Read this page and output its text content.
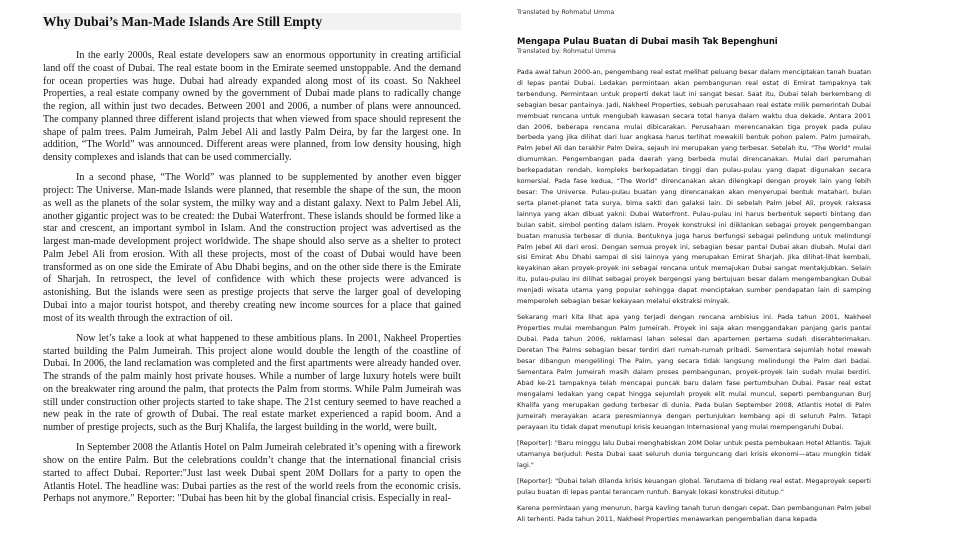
Why Dubai’s Man-Made Islands Are Still Empty

In the early 2000s, Real estate developers saw an enormous opportunity in creating artificial land off the coast of Dubai. The real estate boom in the Emirate seemed unstoppable. And the demand for ocean properties was huge. Dubai had already expanded along most of its coast. So Nakheel Properties, a real estate company owned by the government of Dubai made plans to radically change the region, all within just two decades. Between 2001 and 2006, a number of plans were announced. The company planned three different island projects that when viewed from space should represent the shape of palm trees. Palm Jumeirah, Palm Jebel Ali and lastly Palm Deira, by far the largest one. In addition, “The World” was announced. Different areas were planned, from low density housing, high density complexes and islands that can be used commercially.

In a second phase, “The World” was planned to be supplemented by another even bigger project: The Universe. Man-made Islands were planned, that resemble the shape of the sun, the moon as well as the planets of the solar system, the milky way and a distant galaxy. Next to Palm Jebel Ali, another gigantic project was to be created: the Dubai Waterfront. These islands should be formed like a star and crescent, an important symbol in Islam. And the construction project was advertised as the largest man-made development project worldwide. The shape should also serve as a shelter to protect Palm Jebel Ali from erosion. With all these projects, most of the coast of Dubai would have been transformed as on one side the Emirate of Abu Dhabi begins, and on the other side there is the Emirate of Sharjah. In retrospect, the level of confidence with which these projects were advanced is astonishing. But the islands were seen as prestige projects that serve the larger goal of developing Dubai into a major tourist hotspot, and thereby creating new income sources for a place that gained most of its wealth through the extraction of oil.

Now let’s take a look at what happened to these ambitious plans. In 2001, Nakheel Properties started building the Palm Jumeirah. This project alone would double the length of the coastline of Dubai. In 2006, the land reclamation was completed and the first apartments were already handed over. The strands of the palm mainly host private houses. While a number of large luxury hotels were built on the breakwater ring around the palm, that protects the Palm from storms. While Palm Jumeirah was still under construction other projects started to take shape. The 21st century seemed to have reached a new peak in the rate of growth of Dubai. The real estate market experienced a rapid boom. And a number of prestige projects, such as the Burj Khalifa, the largest building in the world, were built.

In September 2008 the Atlantis Hotel on Palm Jumeirah celebrated it’s opening with a firework show on the entire Palm. But the celebrations couldn’t change that the international financial crisis started to affect Dubai. Reporter:"Just last week Dubai spent 20M Dollars for a party to open the Atlantis Hotel. The headline was: Dubai parties as the rest of the world reels from the economic crisis. Perhaps not anymore." Reporter: "Dubai has been hit by the global financial crisis. Especially in real-

Translated by Rohmatul Umma
Mengapa Pulau Buatan di Dubai masih Tak Bepenghuni
Translated by: Rohmatul Umma

Pada awal tahun 2000-an, pengembang real estat melihat peluang besar dalam menciptakan tanah buatan di lepas pantai Dubai. Ledakan permintaan akan pembangunan real estat di Emirat tampaknya tak terbendung. Permintaan untuk properti dekat laut ini sangat besar. Saat itu, Dubai telah berkembang di sebagian besar pantainya. Jadi, Nakheel Properties, sebuah perusahaan real estate milik pemerintah Dubai membuat rencana untuk mengubah kawasan secara total hanya dalam waktu dua dekade. Antara 2001 dan 2006, beberapa rencana mulai dibicarakan. Perusahaan merencanakan tiga proyek pada pulau berbeda yang jika dilihat dari luar angkasa harus terlihat mewakili bentuk pohon palem. Palm Jumeirah, Palm Jebel Ali dan terakhir Palm Deira, sejauh ini merupakan yang terbesar. Setelah itu, "The World" mulai diumumkan. Pengembangan pada daerah yang berbeda mulai direncanakan. Mulai dari perumahan berkepadatan rendah, kompleks berkepadatan tinggi dan pulau-pulau yang dapat digunakan secara komersial. Pada fase kedua, “The World” direncanakan akan dilengkapi dengan proyek lain yang lebih besar: The Universe. Pulau-pulau buatan yang direncanakan akan menyerupai bentuk matahari, bulan serta planet-planet tata surya, bima sakti dan galaksi lain. Di sebelah Palm Jebel Ali, proyek raksasa lainnya yang akan dibuat yakni: Dubai Waterfront. Pulau-pulau ini harus berbentuk seperti bintang dan bulan sabit, simbol penting dalam Islam. Proyek konstruksi ini diiklankan sebagai proyek pengembangan buatan manusia terbesar di dunia. Bentuknya juga harus berfungsi sebagai pelindung untuk melindungi Palm Jebel Ali dari erosi. Dengan semua proyek ini, sebagian besar pantai Dubai akan diubah. Mulai dari sisi Emirat Abu Dhabi sampai di sisi lainnya yang merupakan Emirat Sharjah. Jika dilihat-lihat kembali, keyakinan akan proyek-proyek ini sebagai rencana untuk memajukan Dubai sangat mentakjubkan. Selain itu, pulau-pulau ini dilihat sebagai proyek bergengsi yang bertujuan besar dalam mengembangkan Dubai menjadi wisata utama yang popular sehingga dapat menciptakan sumber pendapatan lain di samping memperoleh sebagian besar kekayaan melalui ekstraksi minyak.

Sekarang mari kita lihat apa yang terjadi dengan rencana ambisius ini. Pada tahun 2001, Nakheel Properties mulai membangun Palm Jumeirah. Proyek ini saja akan menggandakan panjang garis pantai Dubai. Pada tahun 2006, reklamasi lahan selesai dan apartemen pertama sudah diserahterimakan. Deretan The Palms sebagian besar terdiri dari rumah-rumah pribadi. Sementara sejumlah hotel mewah besar dibangun mengelilingi The Palm, yang secara tidak langsung melindungi the Palm dari badai. Sementara Palm Jumeirah masih dalam proses pembangunan, proyek-proyek lain sudah mulai berdiri. Abad ke-21 tampaknya telah mencapai puncak baru dalam fase pertumbuhan Dubai. Pasar real estat mengalami ledakan yang cepat hingga sejumlah proyek elit mulai muncul, seperti pembangunan Burj Khalifa yang merupakan gedung terbesar di dunia. Pada bulan September 2008, Atlantis Hotel di Palm Jumeirah merayakan acara peresmiannya dengan pertunjukan kembang api di seluruh Palm. Tetapi perayaan itu tidak dapat menutupi krisis keuangan Internasional yang mulai mempengaruhi Dubai.

[Reporter]: "Baru minggu lalu Dubai menghabiskan 20M Dolar untuk pesta pembukaan Hotel Atlantis. Tajuk utamanya berjudul: Pesta Dubai saat seluruh dunia terguncang dari krisis ekonomi—atau mungkin tidak lagi."

[Reporter]: "Dubai telah dilanda krisis keuangan global. Terutama di bidang real estat. Megaproyek seperti pulau buatan di lepas pantai terancam runtuh. Banyak lokasi konstruksi ditutup."

Karena permintaan yang menurun, harga kavling tanah turun dengan cepat. Dan pembangunan Palm Jebel Ali terhenti. Pada tahun 2011, Nakheel Properties menawarkan pengembalian dana kepada
